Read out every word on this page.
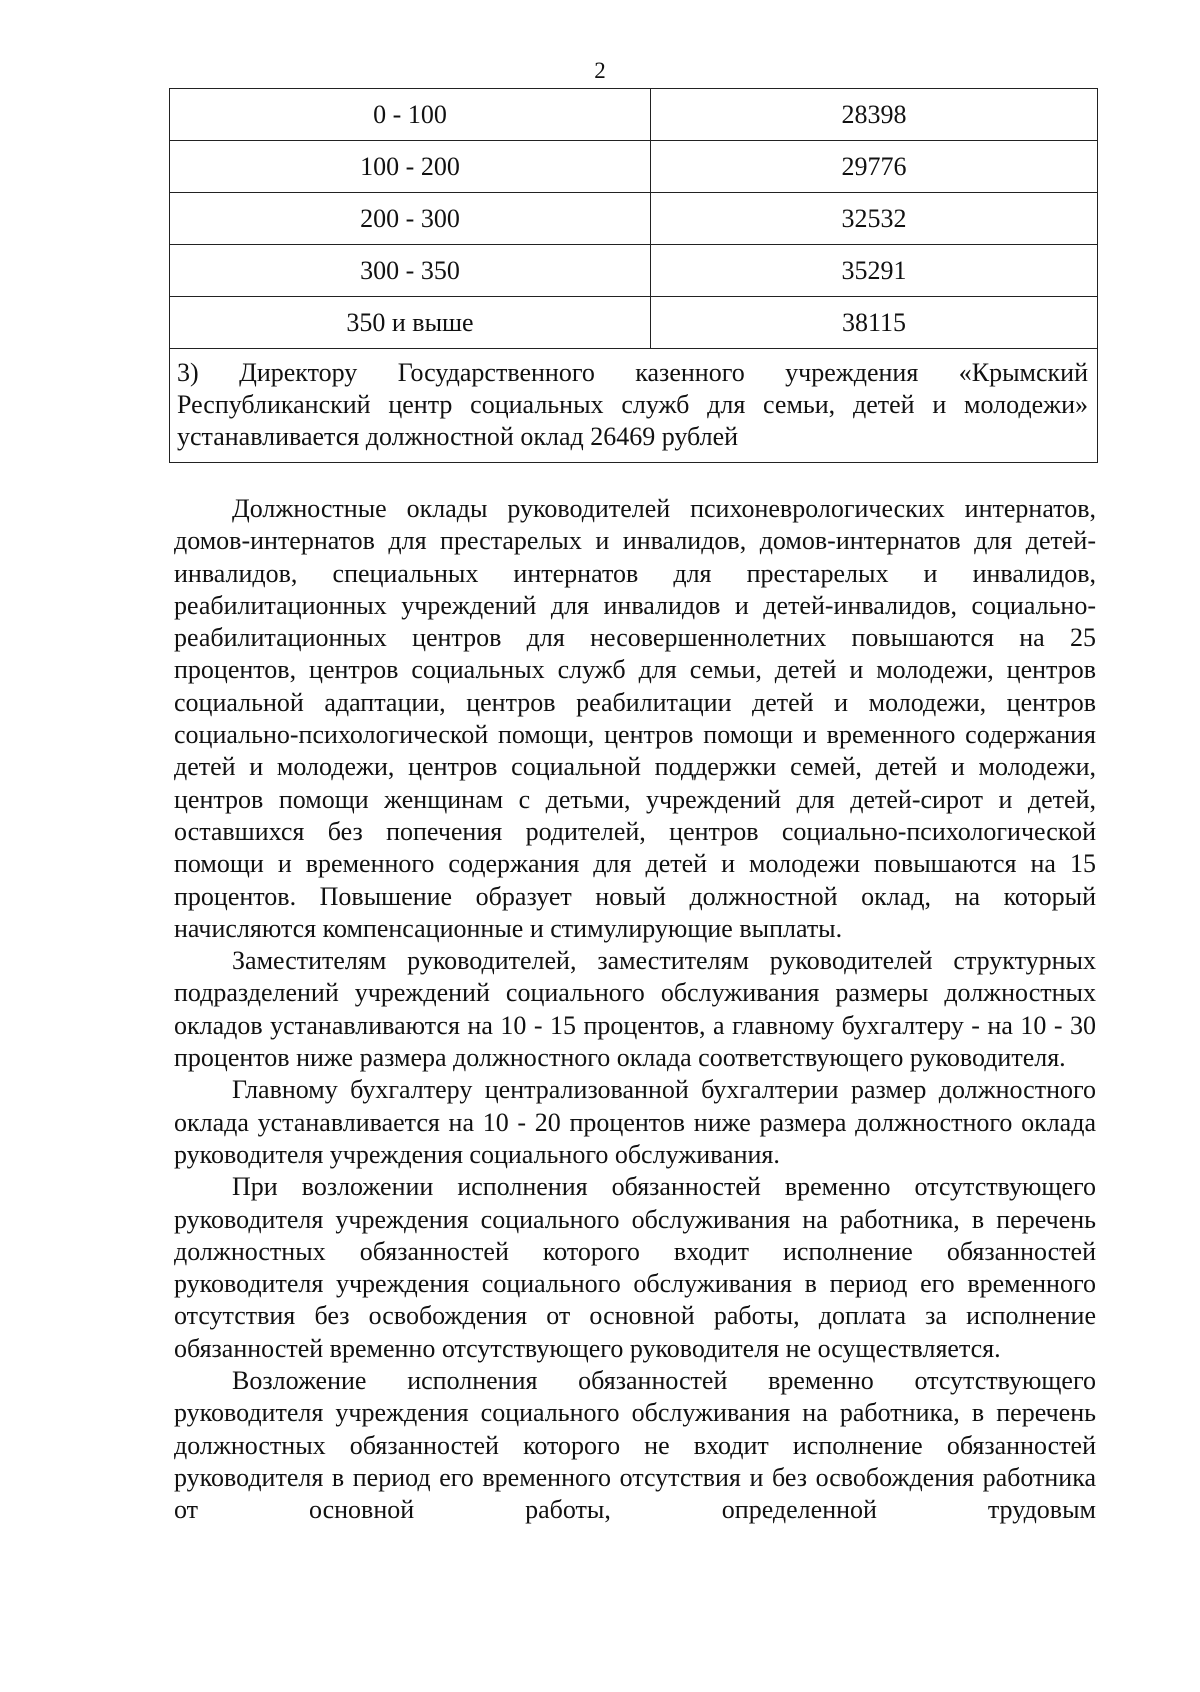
2
0 - 100	28398
100 - 200	29776
200 - 300	32532
300 - 350	35291
350 и выше	38115
3) Директору Государственного казенного учреждения «Крымский Республиканский центр социальных служб для семьи, детей и молодежи» устанавливается должностной оклад 26469 рублей	

Должностные оклады руководителей психоневрологических интернатов, домов-интернатов для престарелых и инвалидов, домов-интернатов для детей-инвалидов, специальных интернатов для престарелых и инвалидов, реабилитационных учреждений для инвалидов и детей-инвалидов, социально-реабилитационных центров для несовершеннолетних повышаются на 25 процентов, центров социальных служб для семьи, детей и молодежи, центров социальной адаптации, центров реабилитации детей и молодежи, центров социально-психологической помощи, центров помощи и временного содержания детей и молодежи, центров социальной поддержки семей, детей и молодежи, центров помощи женщинам с детьми, учреждений для детей-сирот и детей, оставшихся без попечения родителей, центров социально-психологической помощи и временного содержания для детей и молодежи повышаются на 15 процентов. Повышение образует новый должностной оклад, на который начисляются компенсационные и стимулирующие выплаты.

Заместителям руководителей, заместителям руководителей структурных подразделений учреждений социального обслуживания размеры должностных окладов устанавливаются на 10 - 15 процентов, а главному бухгалтеру - на 10 - 30 процентов ниже размера должностного оклада соответствующего руководителя.

Главному бухгалтеру централизованной бухгалтерии размер должностного оклада устанавливается на 10 - 20 процентов ниже размера должностного оклада руководителя учреждения социального обслуживания.

При возложении исполнения обязанностей временно отсутствующего руководителя учреждения социального обслуживания на работника, в перечень должностных обязанностей которого входит исполнение обязанностей руководителя учреждения социального обслуживания в период его временного отсутствия без освобождения от основной работы, доплата за исполнение обязанностей временно отсутствующего руководителя не осуществляется.

Возложение исполнения обязанностей временно отсутствующего руководителя учреждения социального обслуживания на работника, в перечень должностных обязанностей которого не входит исполнение обязанностей руководителя в период его временного отсутствия и без освобождения работника от основной работы, определенной трудовым
